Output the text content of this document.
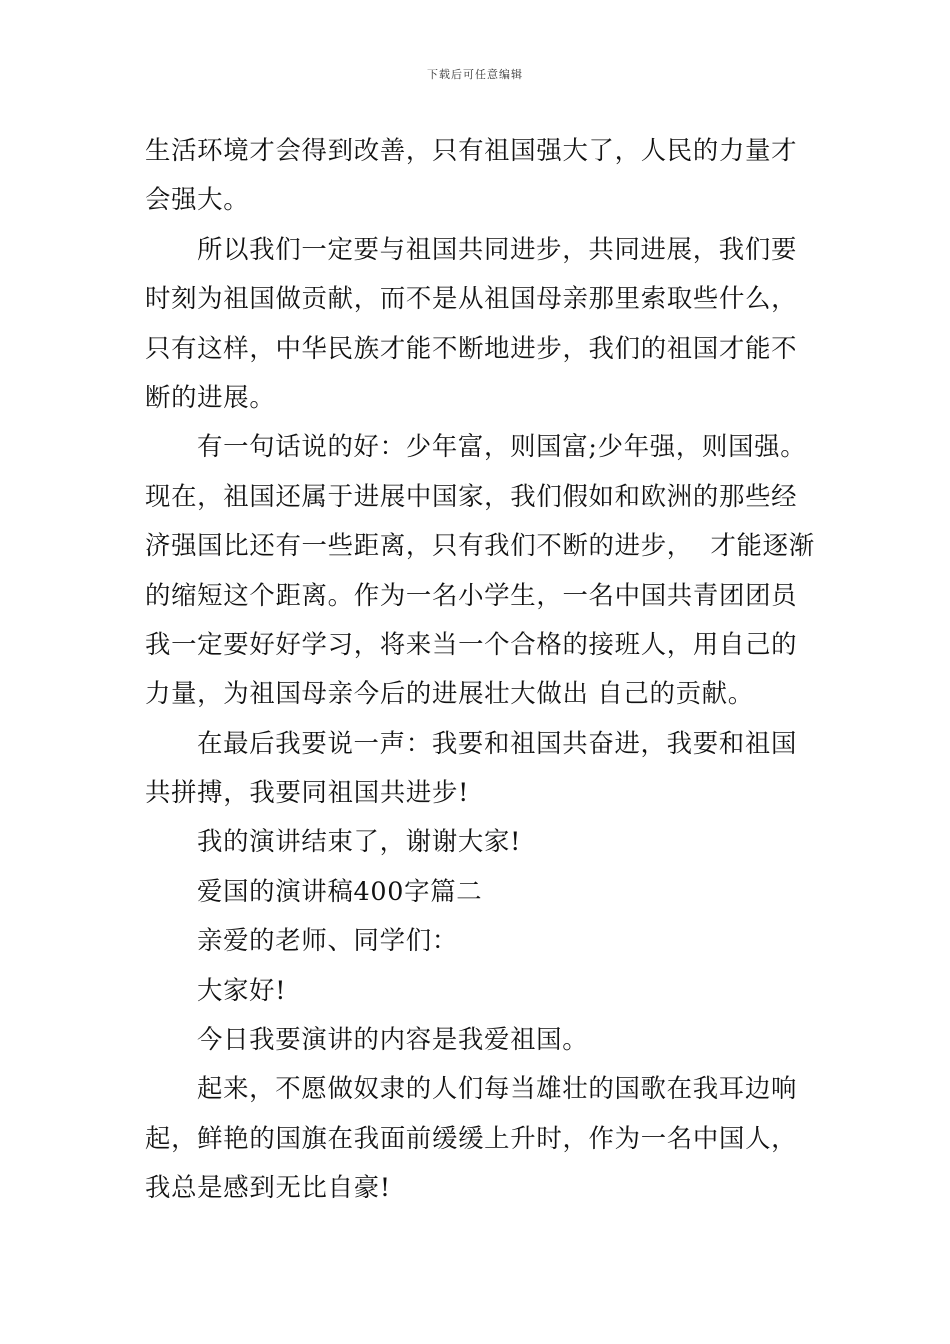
下载后可任意编辑
生活环境才会得到改善，只有祖国强大了，人民的力量才
会强大。
所以我们一定要与祖国共同进步，共同进展，我们要
时刻为祖国做贡献，而不是从祖国母亲那里索取些什么，
只有这样，中华民族才能不断地进步，我们的祖国才能不
断的进展。
有一句话说的好：少年富，则国富;少年强，则国强。
现在，祖国还属于进展中国家，我们假如和欧洲的那些经
济强国比还有一些距离，只有我们不断的进步，  才能逐渐
的缩短这个距离。作为一名小学生，一名中国共青团团员
我一定要好好学习，将来当一个合格的接班人，用自己的
力量，为祖国母亲今后的进展壮大做出 自己的贡献。
在最后我要说一声：我要和祖国共奋进，我要和祖国
共拼搏，我要同祖国共进步!
我的演讲结束了，谢谢大家!
爱国的演讲稿400字篇二
亲爱的老师、同学们：
大家好!
今日我要演讲的内容是我爱祖国。
起来，不愿做奴隶的人们每当雄壮的国歌在我耳边响
起，鲜艳的国旗在我面前缓缓上升时，作为一名中国人，
我总是感到无比自豪!
